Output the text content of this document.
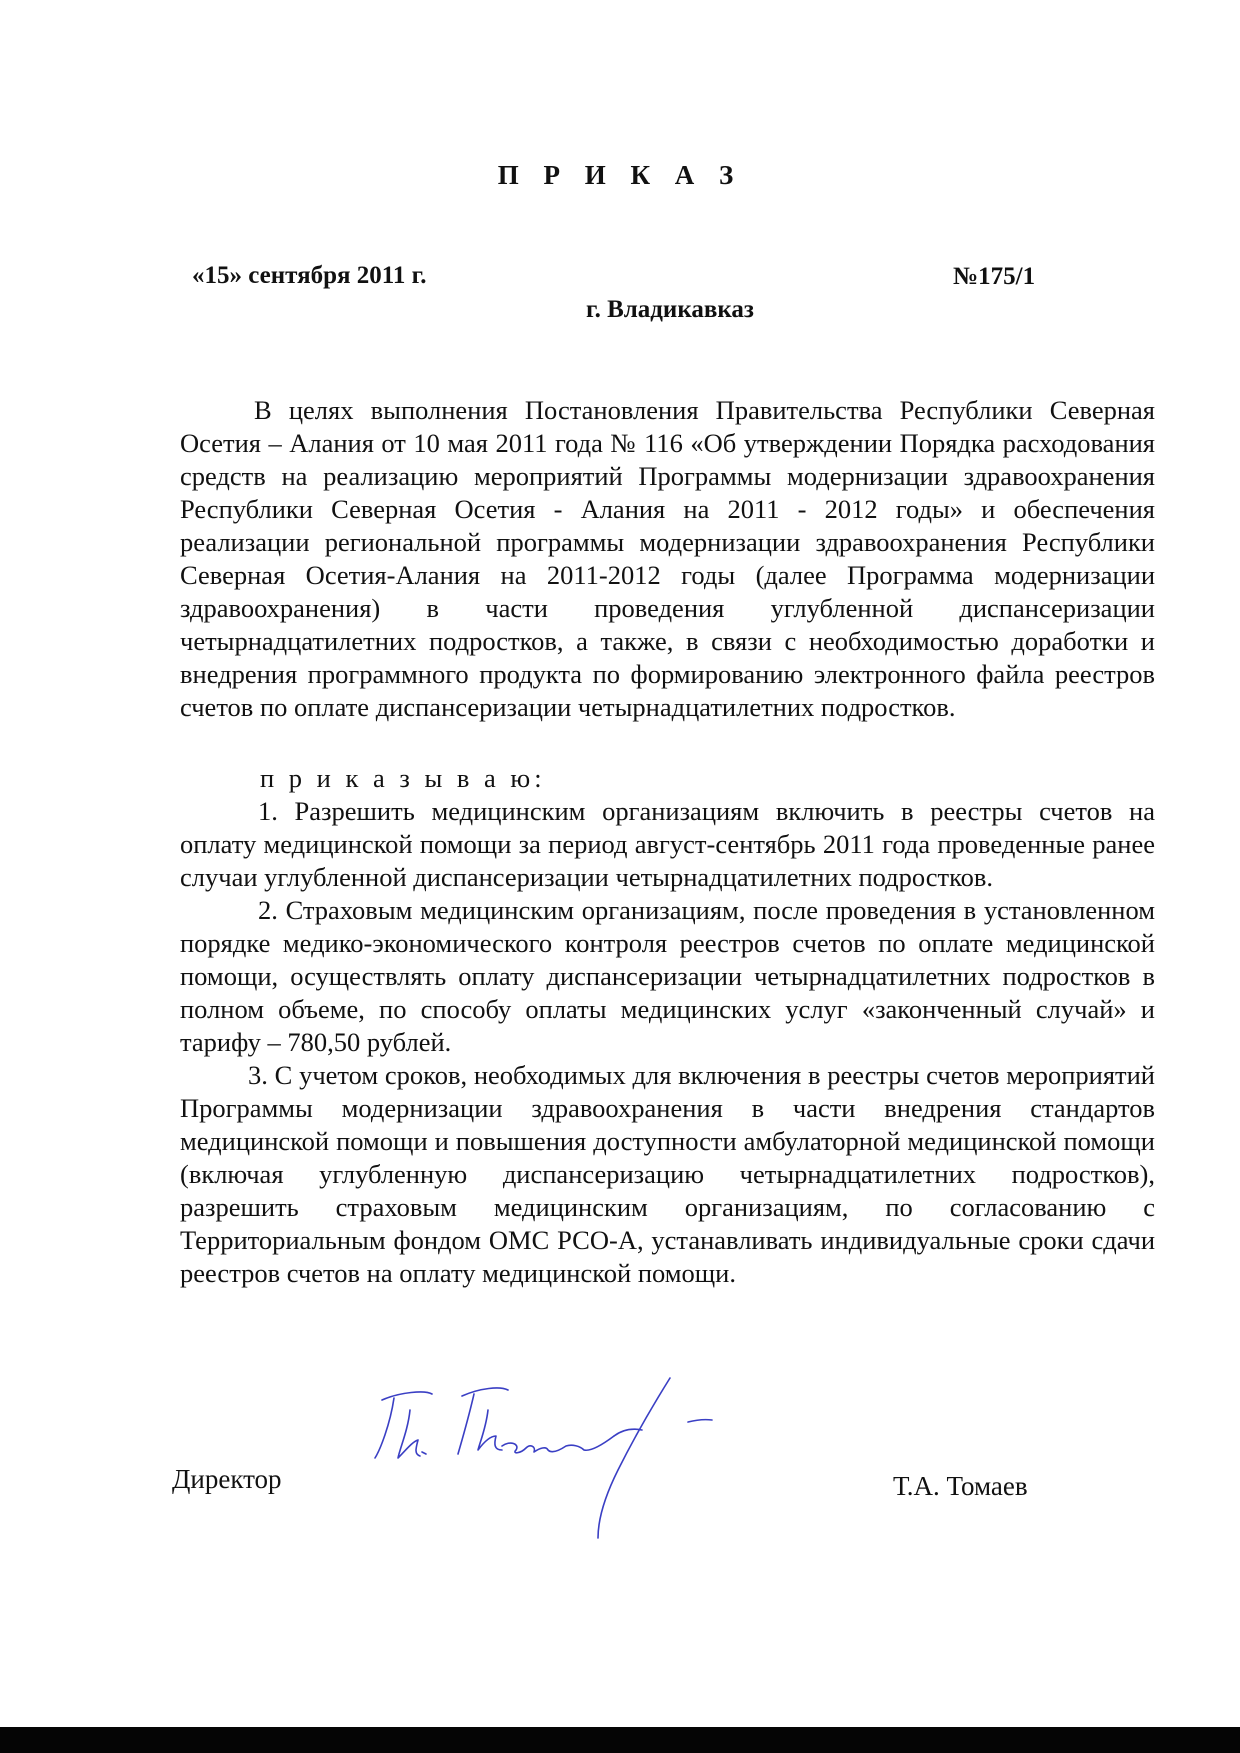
П Р И К А З
«15» сентября 2011 г.	№175/1
г. Владикавказ

В целях выполнения Постановления Правительства Республики Северная Осетия – Алания от 10 мая 2011 года № 116 «Об утверждении Порядка расходования средств на реализацию мероприятий Программы модернизации здравоохранения Республики Северная Осетия - Алания на 2011 - 2012 годы» и обеспечения реализации региональной программы модернизации здравоохранения Республики Северная Осетия-Алания на 2011-2012 годы (далее Программа модернизации здравоохранения) в части проведения углубленной диспансеризации четырнадцатилетних подростков, а также, в связи с необходимостью доработки и внедрения программного продукта по формированию электронного файла реестров счетов по оплате диспансеризации четырнадцатилетних подростков.

п р и к а з ы в а ю:

1. Разрешить медицинским организациям включить в реестры счетов на оплату медицинской помощи за период август-сентябрь 2011 года проведенные ранее случаи углубленной диспансеризации четырнадцатилетних подростков.

2. Страховым медицинским организациям, после проведения в установленном порядке медико-экономического контроля реестров счетов по оплате медицинской помощи, осуществлять оплату диспансеризации четырнадцатилетних подростков в полном объеме, по способу оплаты медицинских услуг «законченный случай» и тарифу – 780,50 рублей.

3. С учетом сроков, необходимых для включения в реестры счетов мероприятий Программы модернизации здравоохранения в части внедрения стандартов медицинской помощи и повышения доступности амбулаторной медицинской помощи (включая углубленную диспансеризацию четырнадцатилетних подростков), разрешить страховым медицинским организациям, по согласованию с Территориальным фондом ОМС РСО-А, устанавливать индивидуальные сроки сдачи реестров счетов на оплату медицинской помощи.

Директор	Т.А. Томаев
